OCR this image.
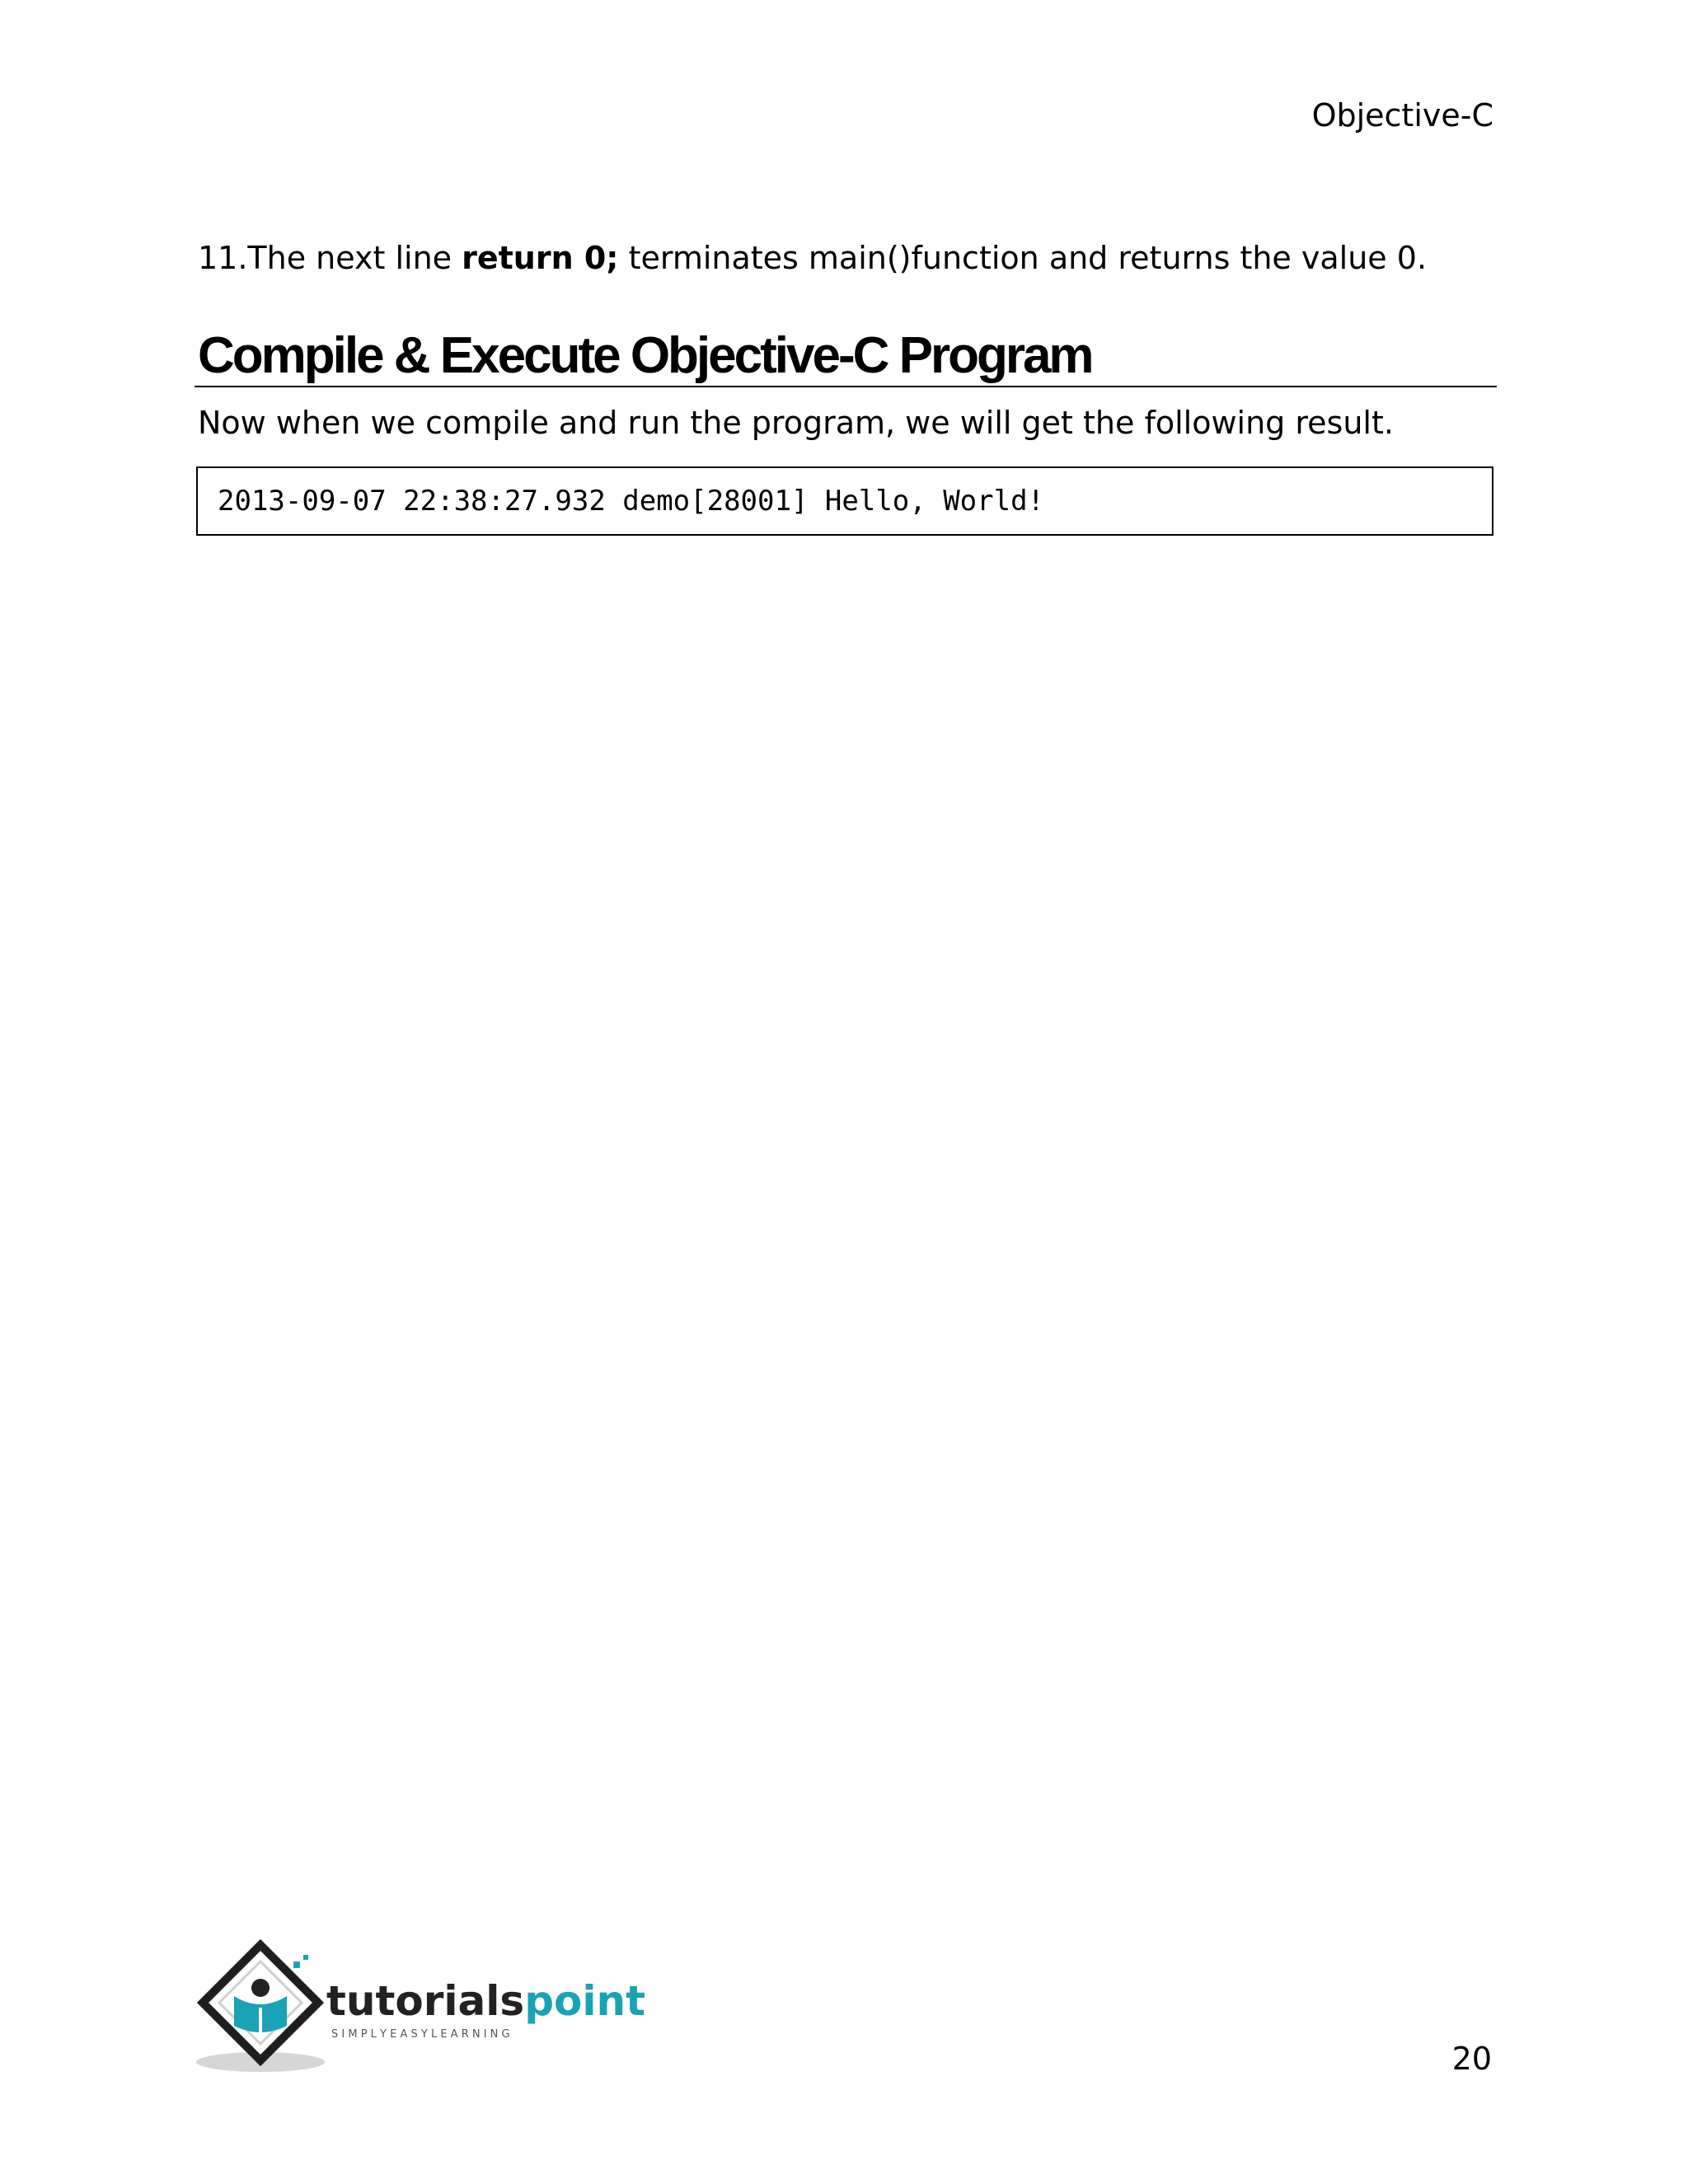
Objective-C
11.The next line return 0; terminates main()function and returns the value 0.
Compile & Execute Objective-C Program
Now when we compile and run the program, we will get the following result.
2013-09-07 22:38:27.932 demo[28001] Hello, World!
tutorialspoint
S I M P L Y E A S Y L E A R N I N G
20
